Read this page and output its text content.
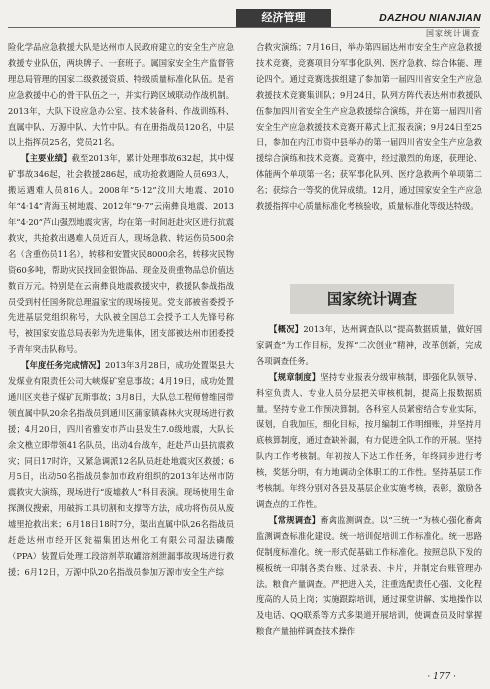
经济管理	DAZHOU NIANJIAN
国家统计调查

险化学品应急救援大队是达州市人民政府建立的安全生产应急救援专业队伍，两块牌子、一套班子。属国家安全生产监督管理总局管理的国家二级救援资质、特级质量标准化队伍。是省应急救援中心的骨干队伍之一，并实行跨区域联动作战机制。2013年，大队下设应急办公室、技术装备科、作战训练科、直属中队、万源中队、大竹中队。有在册指战员120名，中层以上指挥员25名，党员21名。

【主要业绩】截至2013年，累计处理事故632起，其中煤矿事故346起，社会救援286起，成功抢救遇险人员693人，搬运遇难人员816人。2008年“5·12”汶川大地震、2010年“4·14”青海玉树地震、2012年“9·7”云南彝良地震、2013年“4·20”芦山强烈地震灾害，均在第一时间赶赴灾区进行抗震救灾，共抢救出遇难人员近百人，现场急救、转运伤员500余名（含重伤员11名），转移和安置灾民8000余名，转移灾民物资60多吨，帮助灾民找回金银饰品、现金及贵重物品总价值达数百万元。特别是在云南彝良地震救援灾中，救援队参战指战员受到村任国务院总理温家宝的现场接见。党支部被省委授予先进基层党组织称号，大队被全国总工会授予工人先锋号称号，被国家安监总局表彰为先进集体，团支部被达州市团委授予青年突击队称号。

【年度任务完成情况】2013年3月28日，成功处置渠县大发煤业有限责任公司大峡煤矿窒息事故；4月19日，成功处置通川区夹巷子煤矿瓦斯事故；3月8日，大队总工程师曾维园带领直属中队20余名指战员到通川区蒲家镇森林火灾现场进行救援；4月20日，四川省雅安市芦山县发生7.0级地震，大队长余文樵立即带领41名队员，出动4台战车，赶赴芦山县抗震救灾；同日17时许，又紧急调派12名队员赶赴地震灾区救援；6月5日，出动50名指战员参加市政府组织的2013年达州市防震救灾大演练，现场进行“废墟救人”科目表演。现场使用生命探测仪搜索，用破拆工具切割和支撑等方法，成功将伤员从废墟里抢救出来；6月18日18时7分，渠出直属中队26名指战员赶赴达州市经开区瓮福集团达州化工有限公司湿法磷酸（PPA）装置后处理工段溶剂萃取罐溶剂泄漏事故现场进行救援；6月12日，万源中队20名指战员参加万源市安全生产综

合救灾演练；7月16日，举办第四届达州市安全生产应急救援技术竞赛，竞赛项目分军事化队列、医疗急救、综合体能、理论四个。通过竞赛选拔组建了参加第一届四川省安全生产应急救援技术竞赛集训队；9月24日，队列方阵代表达州市救援队伍参加四川省安全生产应急救援综合演练，并在第一届四川省安全生产应急救援技术竞赛开幕式上汇报表演；9月24日至25日，参加在内江市资中县举办的第一届四川省安全生产应急救援综合演练和技术竞赛。竞赛中，经过激烈的角逐，获理论、体能两个单项第一名；获军事化队列、医疗急救两个单项第二名；获综合一等奖的优异成绩。12月，通过国家安全生产应急救援指挥中心质量标准化考核验收，质量标准化等级达特级。

国家统计调查

【概况】2013年，达州调查队以“提高数据质量，做好国家调查”为工作目标，发挥“二次创业”精神，改革创新，完成各项调查任务。

【规章制度】坚持专业报表分级审核制，即强化队领导、科室负责人、专业人员分层把关审核机制，提高上报数据质量。坚持专业工作预决算制。各科室人员紧密结合专业实际，谋划，自我加压，细化目标，按月编制工作明细账，并坚持月底核算制度，通过查缺补漏，有力促进全队工作的开展。坚持队内工作考核制。年初按人下达工作任务，年终同步进行考核，奖惩分明，有力地调动全体职工的工作性。坚持基层工作考核制。年终分别对各县及基层企业实施考核，表彰，激励各调查点的工作性。

【常规调查】畜禽监测调查。以“三统一”为核心强化畜禽监测调查标准化建设。统一培训促培训工作标准化。统一思路促制度标准化。统一形式促基础工作标准化。按照总队下发的模板统一印制各类台账、过录表、卡片，并制定台账管理办法。粮食产量调查。严把进入关，注重选配责任心强、文化程度高的人员上岗；实施跟踪培训，通过课堂讲解、实地操作以及电话、QQ联系等方式多渠道开展培训，使调查员及时掌握粮食产量抽样调查技术操作

· 177 ·
